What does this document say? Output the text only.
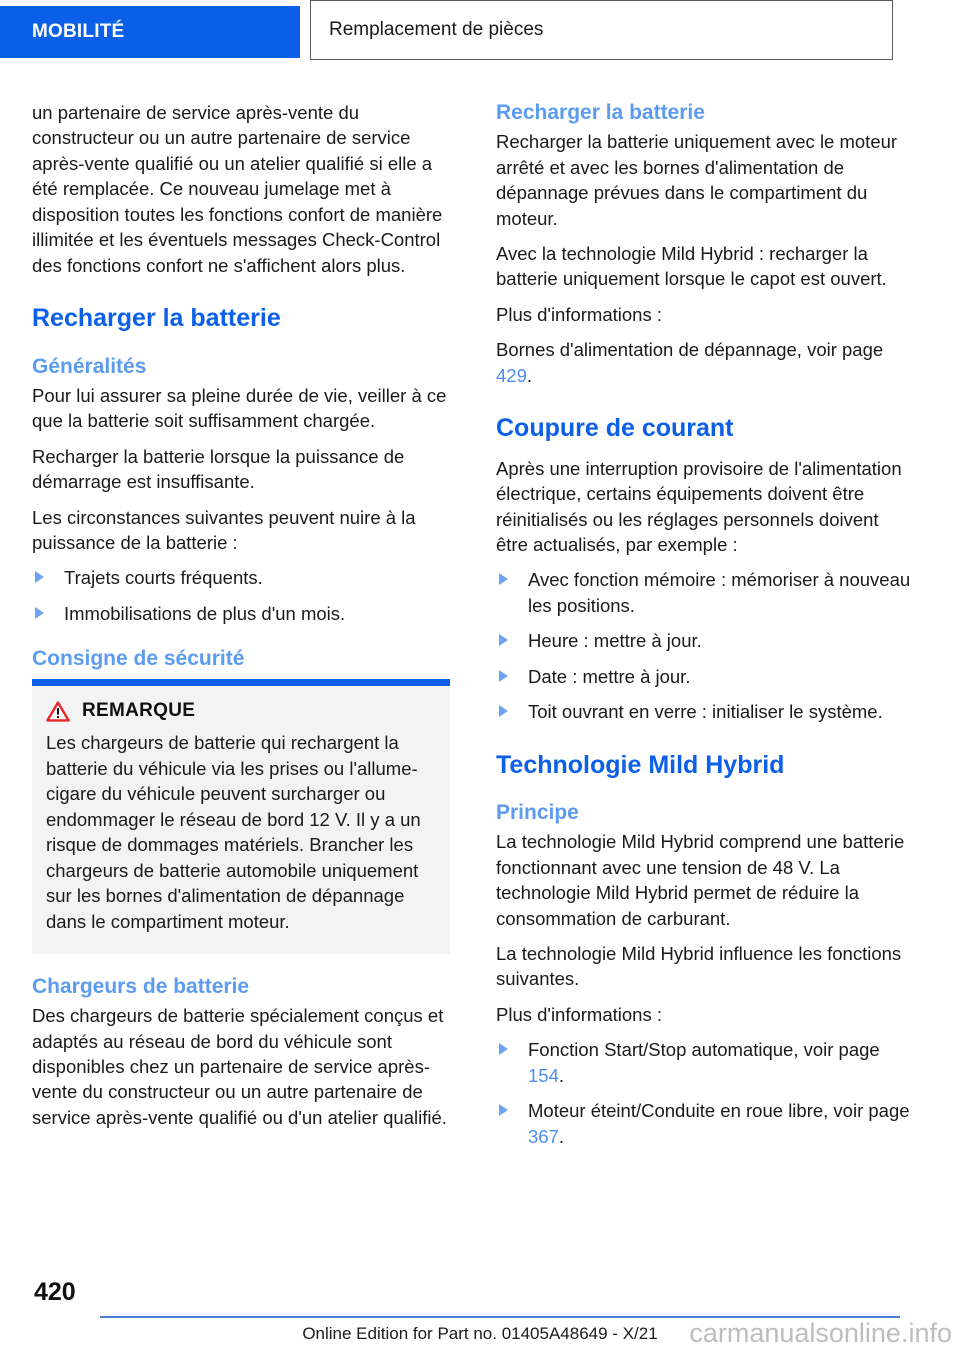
MOBILITÉ	Remplacement de pièces

un partenaire de service après-vente du constructeur ou un autre partenaire de service après-vente qualifié ou un atelier qualifié si elle a été remplacée. Ce nouveau jumelage met à disposition toutes les fonctions confort de manière illimitée et les éventuels messages Check-Control des fonctions confort ne s'affichent alors plus.

Recharger la batterie
Généralités

Pour lui assurer sa pleine durée de vie, veiller à ce que la batterie soit suffisamment chargée.

Recharger la batterie lorsque la puissance de démarrage est insuffisante.

Les circonstances suivantes peuvent nuire à la puissance de la batterie :

Trajets courts fréquents.
Immobilisations de plus d'un mois.
Consigne de sécurité
REMARQUE
Les chargeurs de batterie qui rechargent la batterie du véhicule via les prises ou l'allume-cigare du véhicule peuvent surcharger ou endommager le réseau de bord 12 V. Il y a un risque de dommages matériels. Brancher les chargeurs de batterie automobile uniquement sur les bornes d'alimentation de dépannage dans le compartiment moteur.
Chargeurs de batterie

Des chargeurs de batterie spécialement conçus et adaptés au réseau de bord du véhicule sont disponibles chez un partenaire de service après-vente du constructeur ou un autre partenaire de service après-vente qualifié ou d'un atelier qualifié.

Recharger la batterie

Recharger la batterie uniquement avec le moteur arrêté et avec les bornes d'alimentation de dépannage prévues dans le compartiment du moteur.

Avec la technologie Mild Hybrid : recharger la batterie uniquement lorsque le capot est ouvert.

Plus d'informations :

Bornes d'alimentation de dépannage, voir page 429.

Coupure de courant

Après une interruption provisoire de l'alimentation électrique, certains équipements doivent être réinitialisés ou les réglages personnels doivent être actualisés, par exemple :

Avec fonction mémoire : mémoriser à nouveau les positions.
Heure : mettre à jour.
Date : mettre à jour.
Toit ouvrant en verre : initialiser le système.
Technologie Mild Hybrid
Principe

La technologie Mild Hybrid comprend une batterie fonctionnant avec une tension de 48 V. La technologie Mild Hybrid permet de réduire la consommation de carburant.

La technologie Mild Hybrid influence les fonctions suivantes.

Plus d'informations :

Fonction Start/Stop automatique, voir page 154.
Moteur éteint/Conduite en roue libre, voir page 367.
420
Online Edition for Part no. 01405A48649 - X/21	carmanualsonline.info
